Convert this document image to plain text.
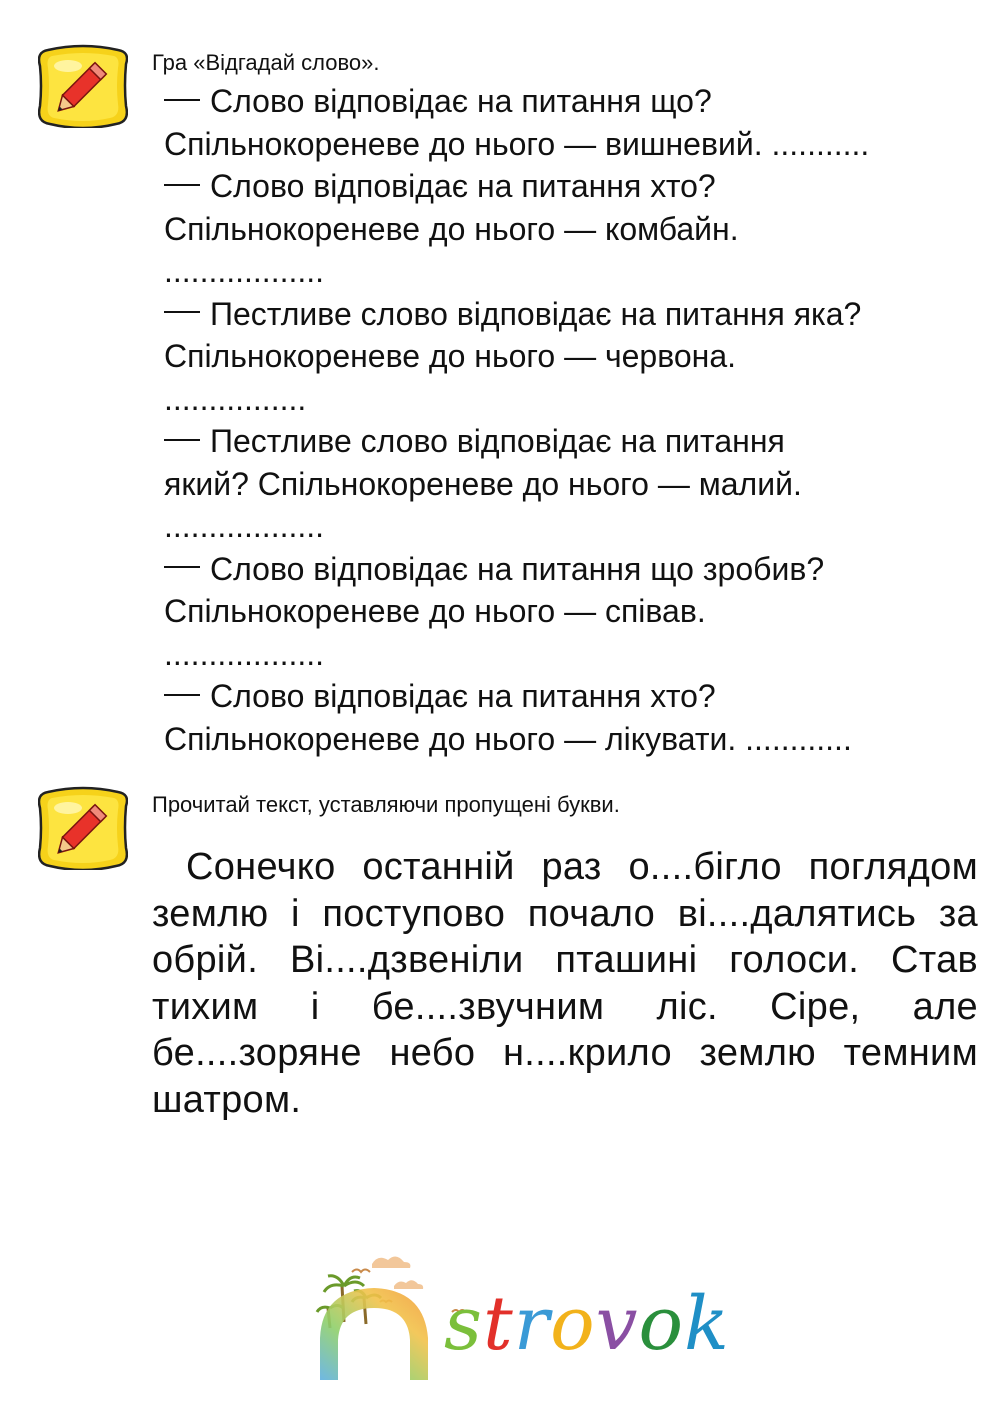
Гра «Відгадай слово».
Слово відповідає на питання що?
Спільнокореневе до нього — вишневий. ...........
Слово відповідає на питання хто?
Спільнокореневе до нього — комбайн.
..................
Пестливе слово відповідає на питання яка?
Спільнокореневе до нього — червона.
................
Пестливе слово відповідає на питання
який? Спільнокореневе до нього — малий.
..................
Слово відповідає на питання що зробив?
Спільнокореневе до нього — співав.
..................
Слово відповідає на питання хто?
Спільнокореневе до нього — лікувати. ............
Прочитай текст, уставляючи пропущені букви.
Сонечко останній раз о....бігло поглядом землю і поступово почало ві....далятись за обрій. Ві....дзвеніли пташині голоси. Став тихим і бе....звучним ліс. Сіре, але бе....зоряне небо н....крило землю темним шатром.
strovok
